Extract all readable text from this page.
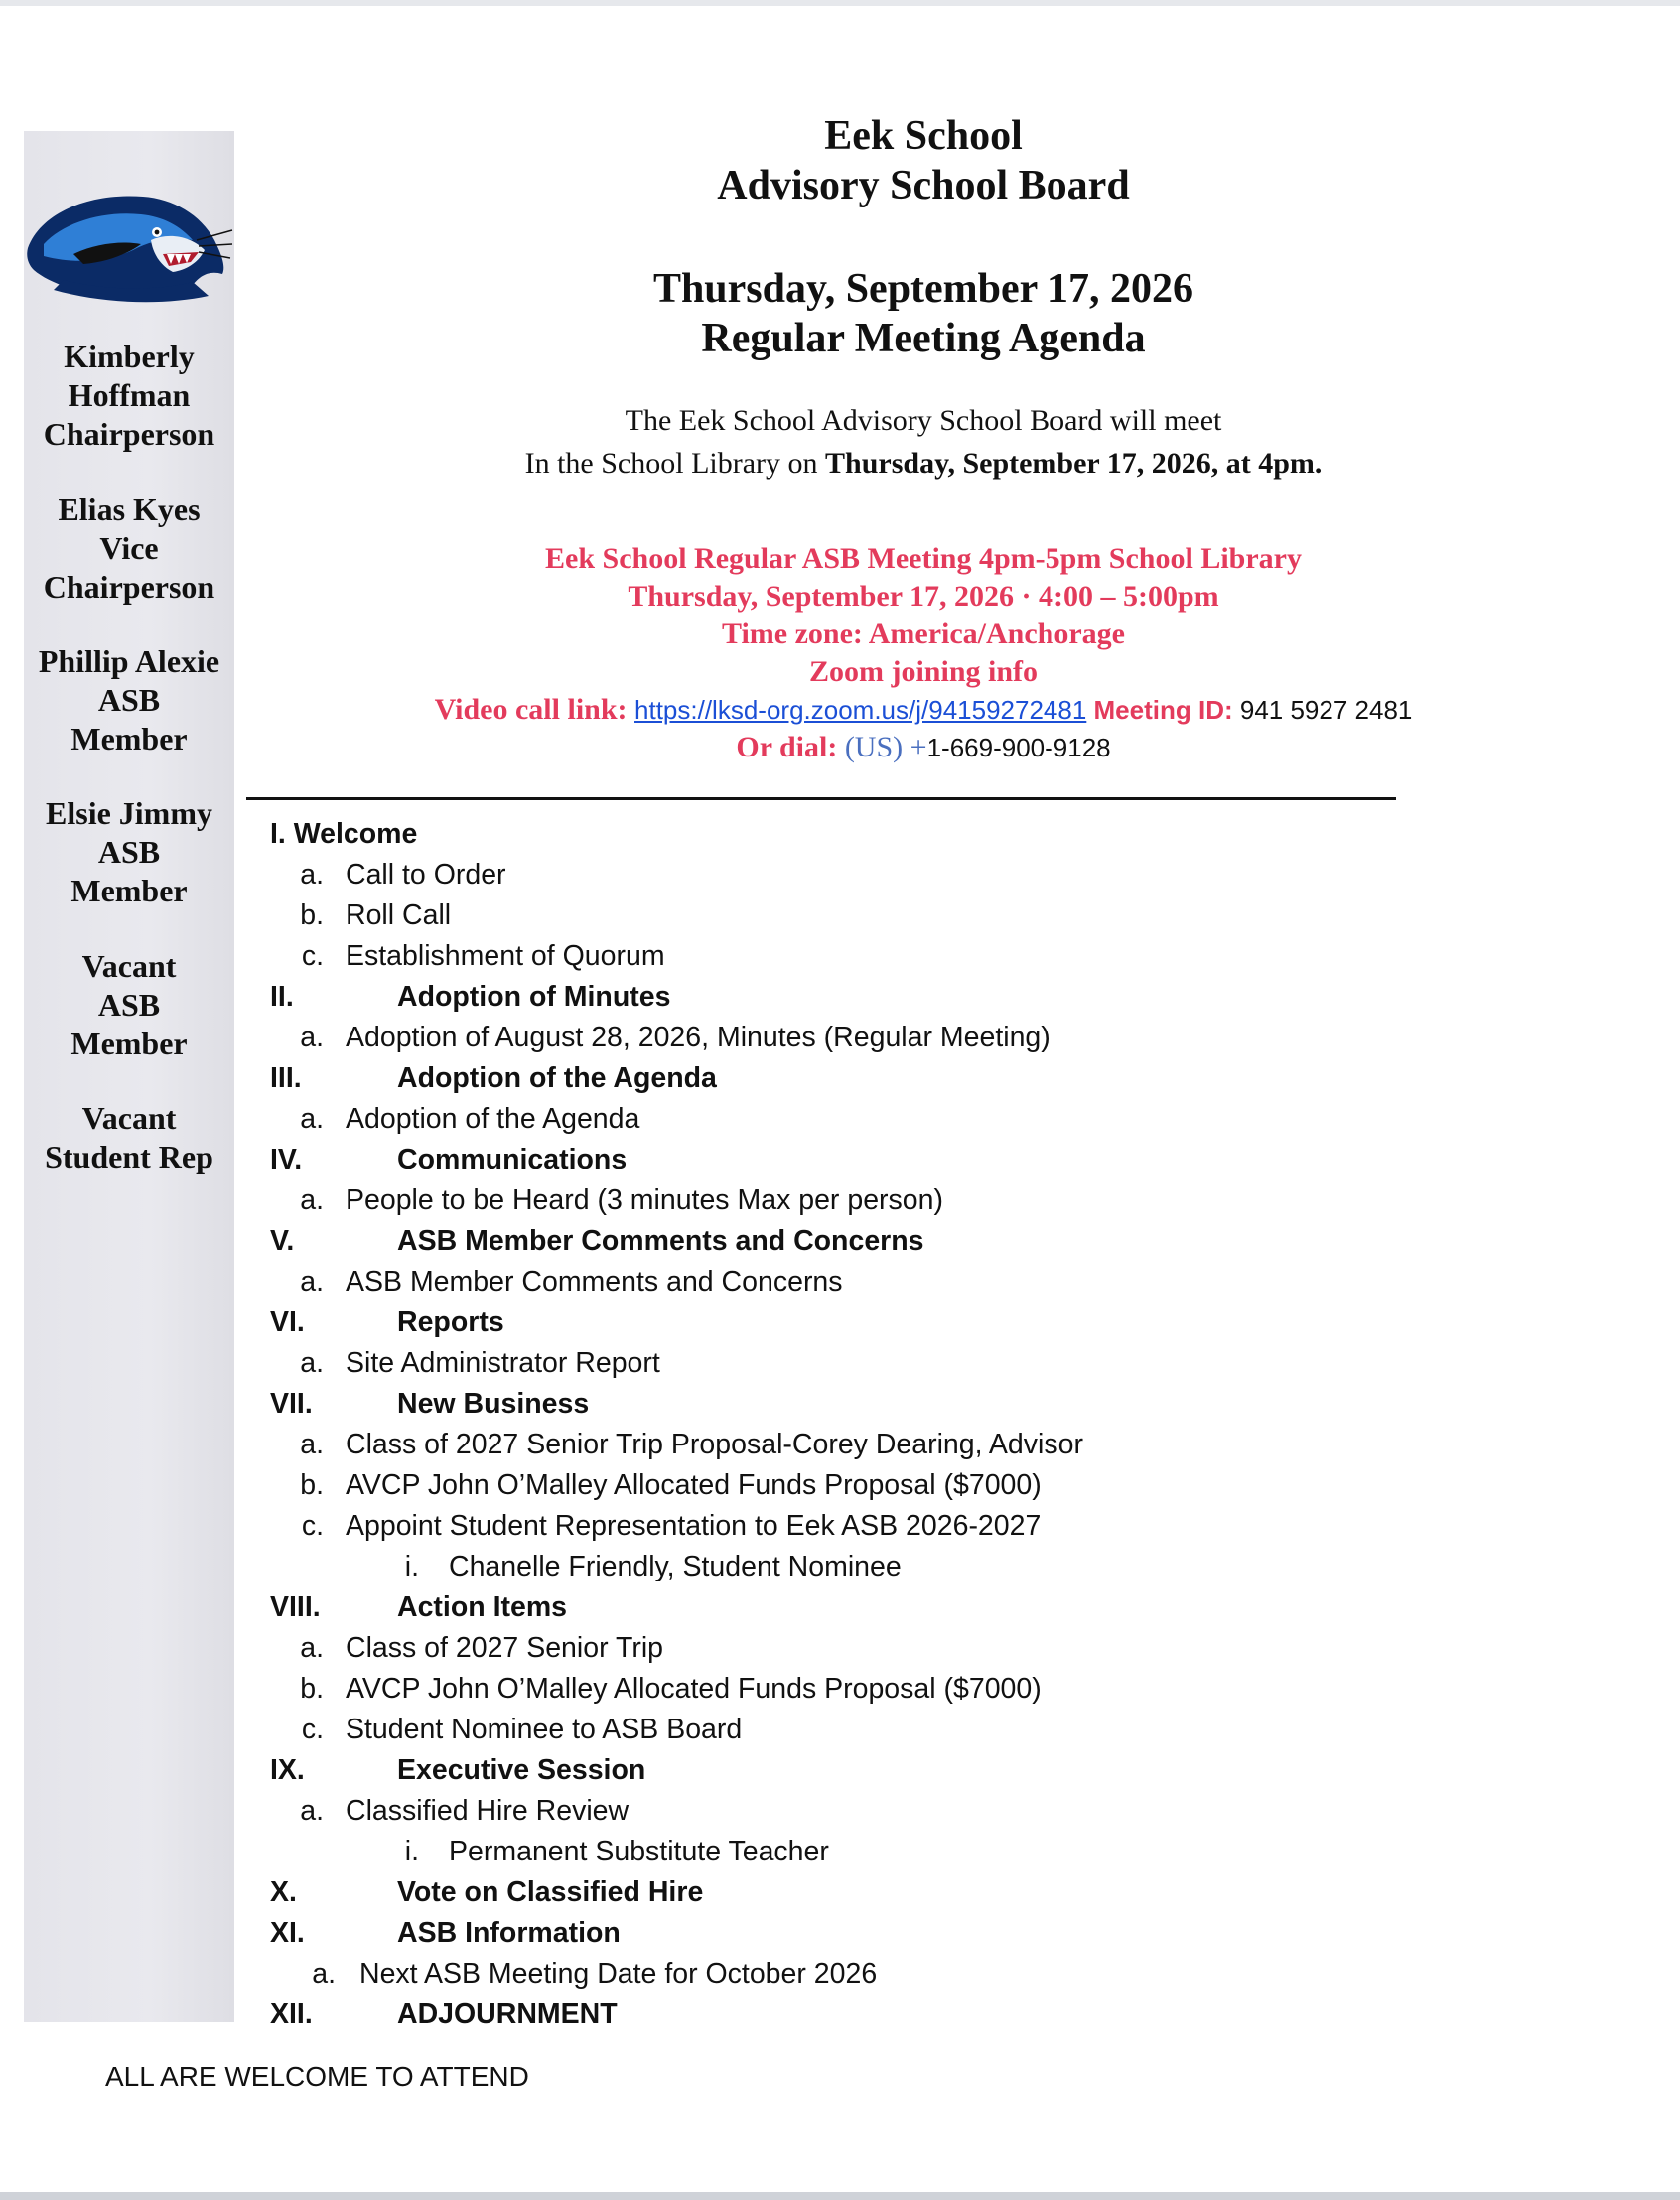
Kimberly
Hoffman
Chairperson
Elias Kyes
Vice
Chairperson
Phillip Alexie
ASB
Member
Elsie Jimmy
ASB
Member
Vacant
ASB
Member
Vacant
Student Rep
Eek School
Advisory School Board
Thursday, September 17, 2026
Regular Meeting Agenda
The Eek School Advisory School Board will meet
In the School Library on Thursday, September 17, 2026, at 4pm.
Eek School Regular ASB Meeting 4pm-5pm School Library
Thursday, September 17, 2026 · 4:00 – 5:00pm
Time zone: America/Anchorage
Zoom joining info
Video call link: https://lksd-org.zoom.us/j/94159272481 Meeting ID: 941 5927 2481
Or dial: (US) +1-669-900-9128
I. Welcome
a. Call to Order
b. Roll Call
c. Establishment of Quorum
II.	Adoption of Minutes
a. Adoption of August 28, 2026, Minutes (Regular Meeting)
III.	Adoption of the Agenda
a. Adoption of the Agenda
IV.	Communications
a. People to be Heard (3 minutes Max per person)
V.	ASB Member Comments and Concerns
a. ASB Member Comments and Concerns
VI.	Reports
a. Site Administrator Report
VII.	New Business
a. Class of 2027 Senior Trip Proposal-Corey Dearing, Advisor
b. AVCP John O’Malley Allocated Funds Proposal ($7000)
c. Appoint Student Representation to Eek ASB 2026-2027
i. Chanelle Friendly, Student Nominee
VIII.	Action Items
a. Class of 2027 Senior Trip
b. AVCP John O’Malley Allocated Funds Proposal ($7000)
c. Student Nominee to ASB Board
IX.	Executive Session
a. Classified Hire Review
i. Permanent Substitute Teacher
X.	Vote on Classified Hire
XI.	ASB Information
a. Next ASB Meeting Date for October 2026
XII.	ADJOURNMENT
ALL ARE WELCOME TO ATTEND
